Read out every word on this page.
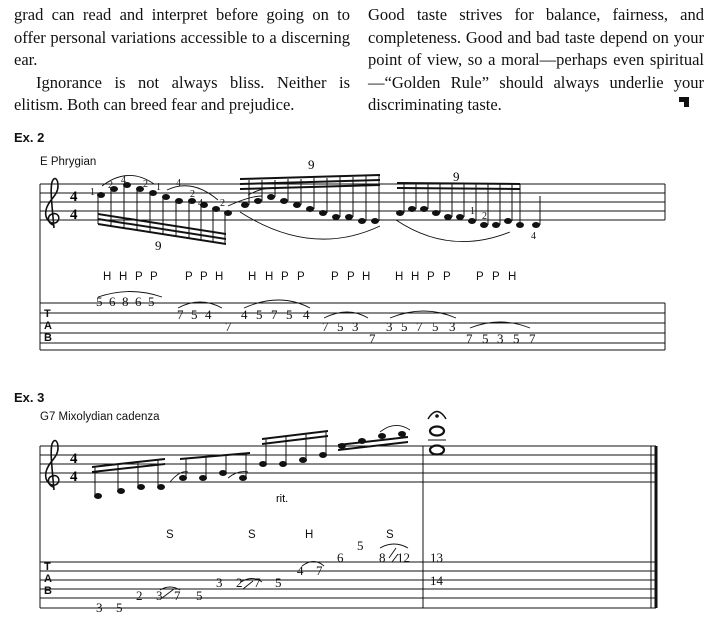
grad can read and interpret before going on to offer personal variations accessible to a discerning ear.

Ignorance is not always bliss. Neither is elitism. Both can breed fear and prejudice.

Good taste strives for balance, fairness, and completeness. Good and bad taste depend on your point of view, so a moral—perhaps even spiritual—“Golden Rule” should always underlie your discriminating taste.

Ex. 2
E Phrygian
Ex. 3
G7 Mixolydian cadenza
4
4
4
4
9
9
9
1
2 4 2 1 4
2
4 2
1 2
4
H H P P P P H H H P P P P H H H P P P P H
T
A
B
5 6 8 6 5
7 5 4
7
4 5 7 5 4
7 5 3
7
3 5 7 5 3
7 5 3 5 7
rit.
S	S	H	S
T
A
B
3 5
2 3 7 5
3 2 7 5
4 7
6
5
8 12 13
14
